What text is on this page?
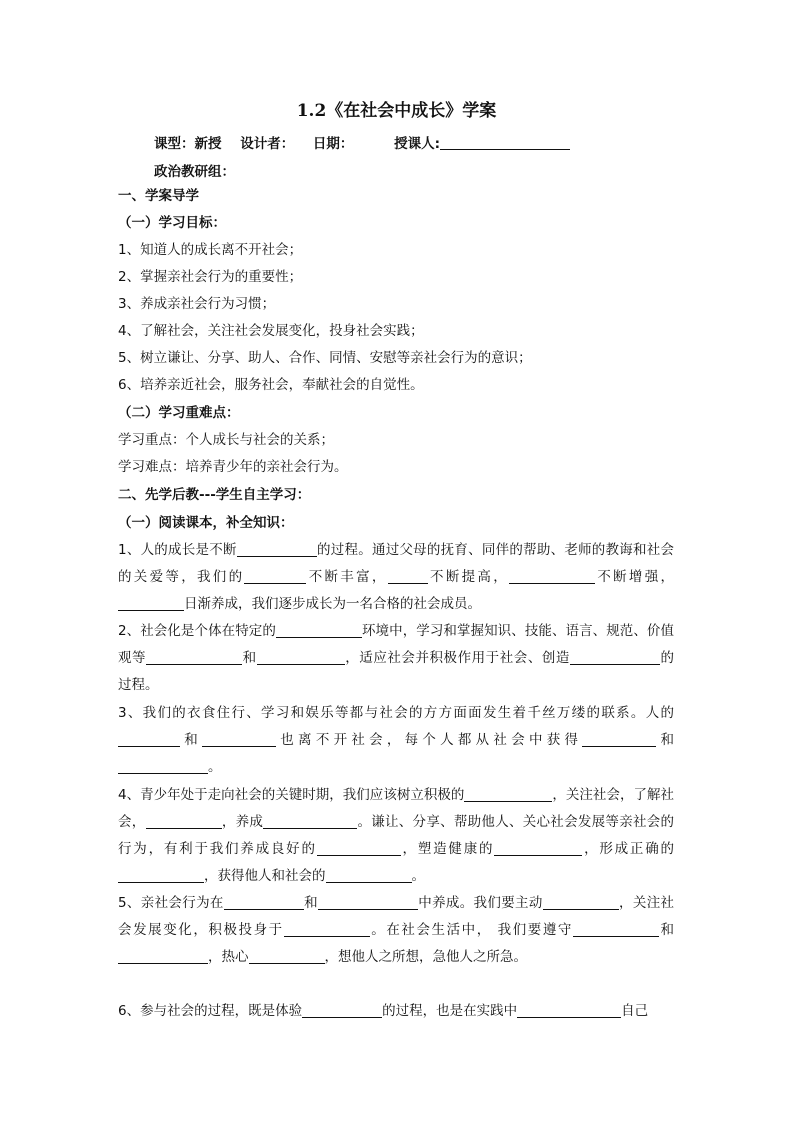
1.2《在社会中成长》学案
课型：新授 设计者： 日期：	授课人:
政治教研组：
一、学案导学
（一）学习目标：
1、知道人的成长离不开社会；
2、掌握亲社会行为的重要性；
3、养成亲社会行为习惯；
4、了解社会，关注社会发展变化，投身社会实践；
5、树立谦让、分享、助人、合作、同情、安慰等亲社会行为的意识；
6、培养亲近社会，服务社会，奉献社会的自觉性。
（二）学习重难点：
学习重点：个人成长与社会的关系；
学习难点：培养青少年的亲社会行为。
二、先学后教---学生自主学习：
（一）阅读课本，补全知识：
1、人的成长是不断	的过程。通过父母的抚育、同伴的帮助、老师的教诲和社会的关爱等，我们的	不断丰富，	不断提高，	不断增强，日渐养成，我们逐步成长为一名合格的社会成员。
2、社会化是个体在特定的	环境中，学习和掌握知识、技能、语言、规范、价值观等	和	，适应社会并积极作用于社会、创造	的过程。
3、我们的衣食住行、学习和娱乐等都与社会的方方面面发生着千丝万缕的联系。人的和	也离不开社会，每个人都从社会中获得	和。
4、青少年处于走向社会的关键时期，我们应该树立积极的	，关注社会，了解社会，	，养成	。谦让、分享、帮助他人、关心社会发展等亲社会的行为，有利于我们养成良好的	，塑造健康的	，形成正确的，获得他人和社会的	。
5、亲社会行为在	和	中养成。我们要主动	，关注社会发展变化，积极投身于	。在社会生活中， 我们要遵守	和，热心	，想他人之所想，急他人之所急。
6、参与社会的过程，既是体验	的过程，也是在实践中	自己
